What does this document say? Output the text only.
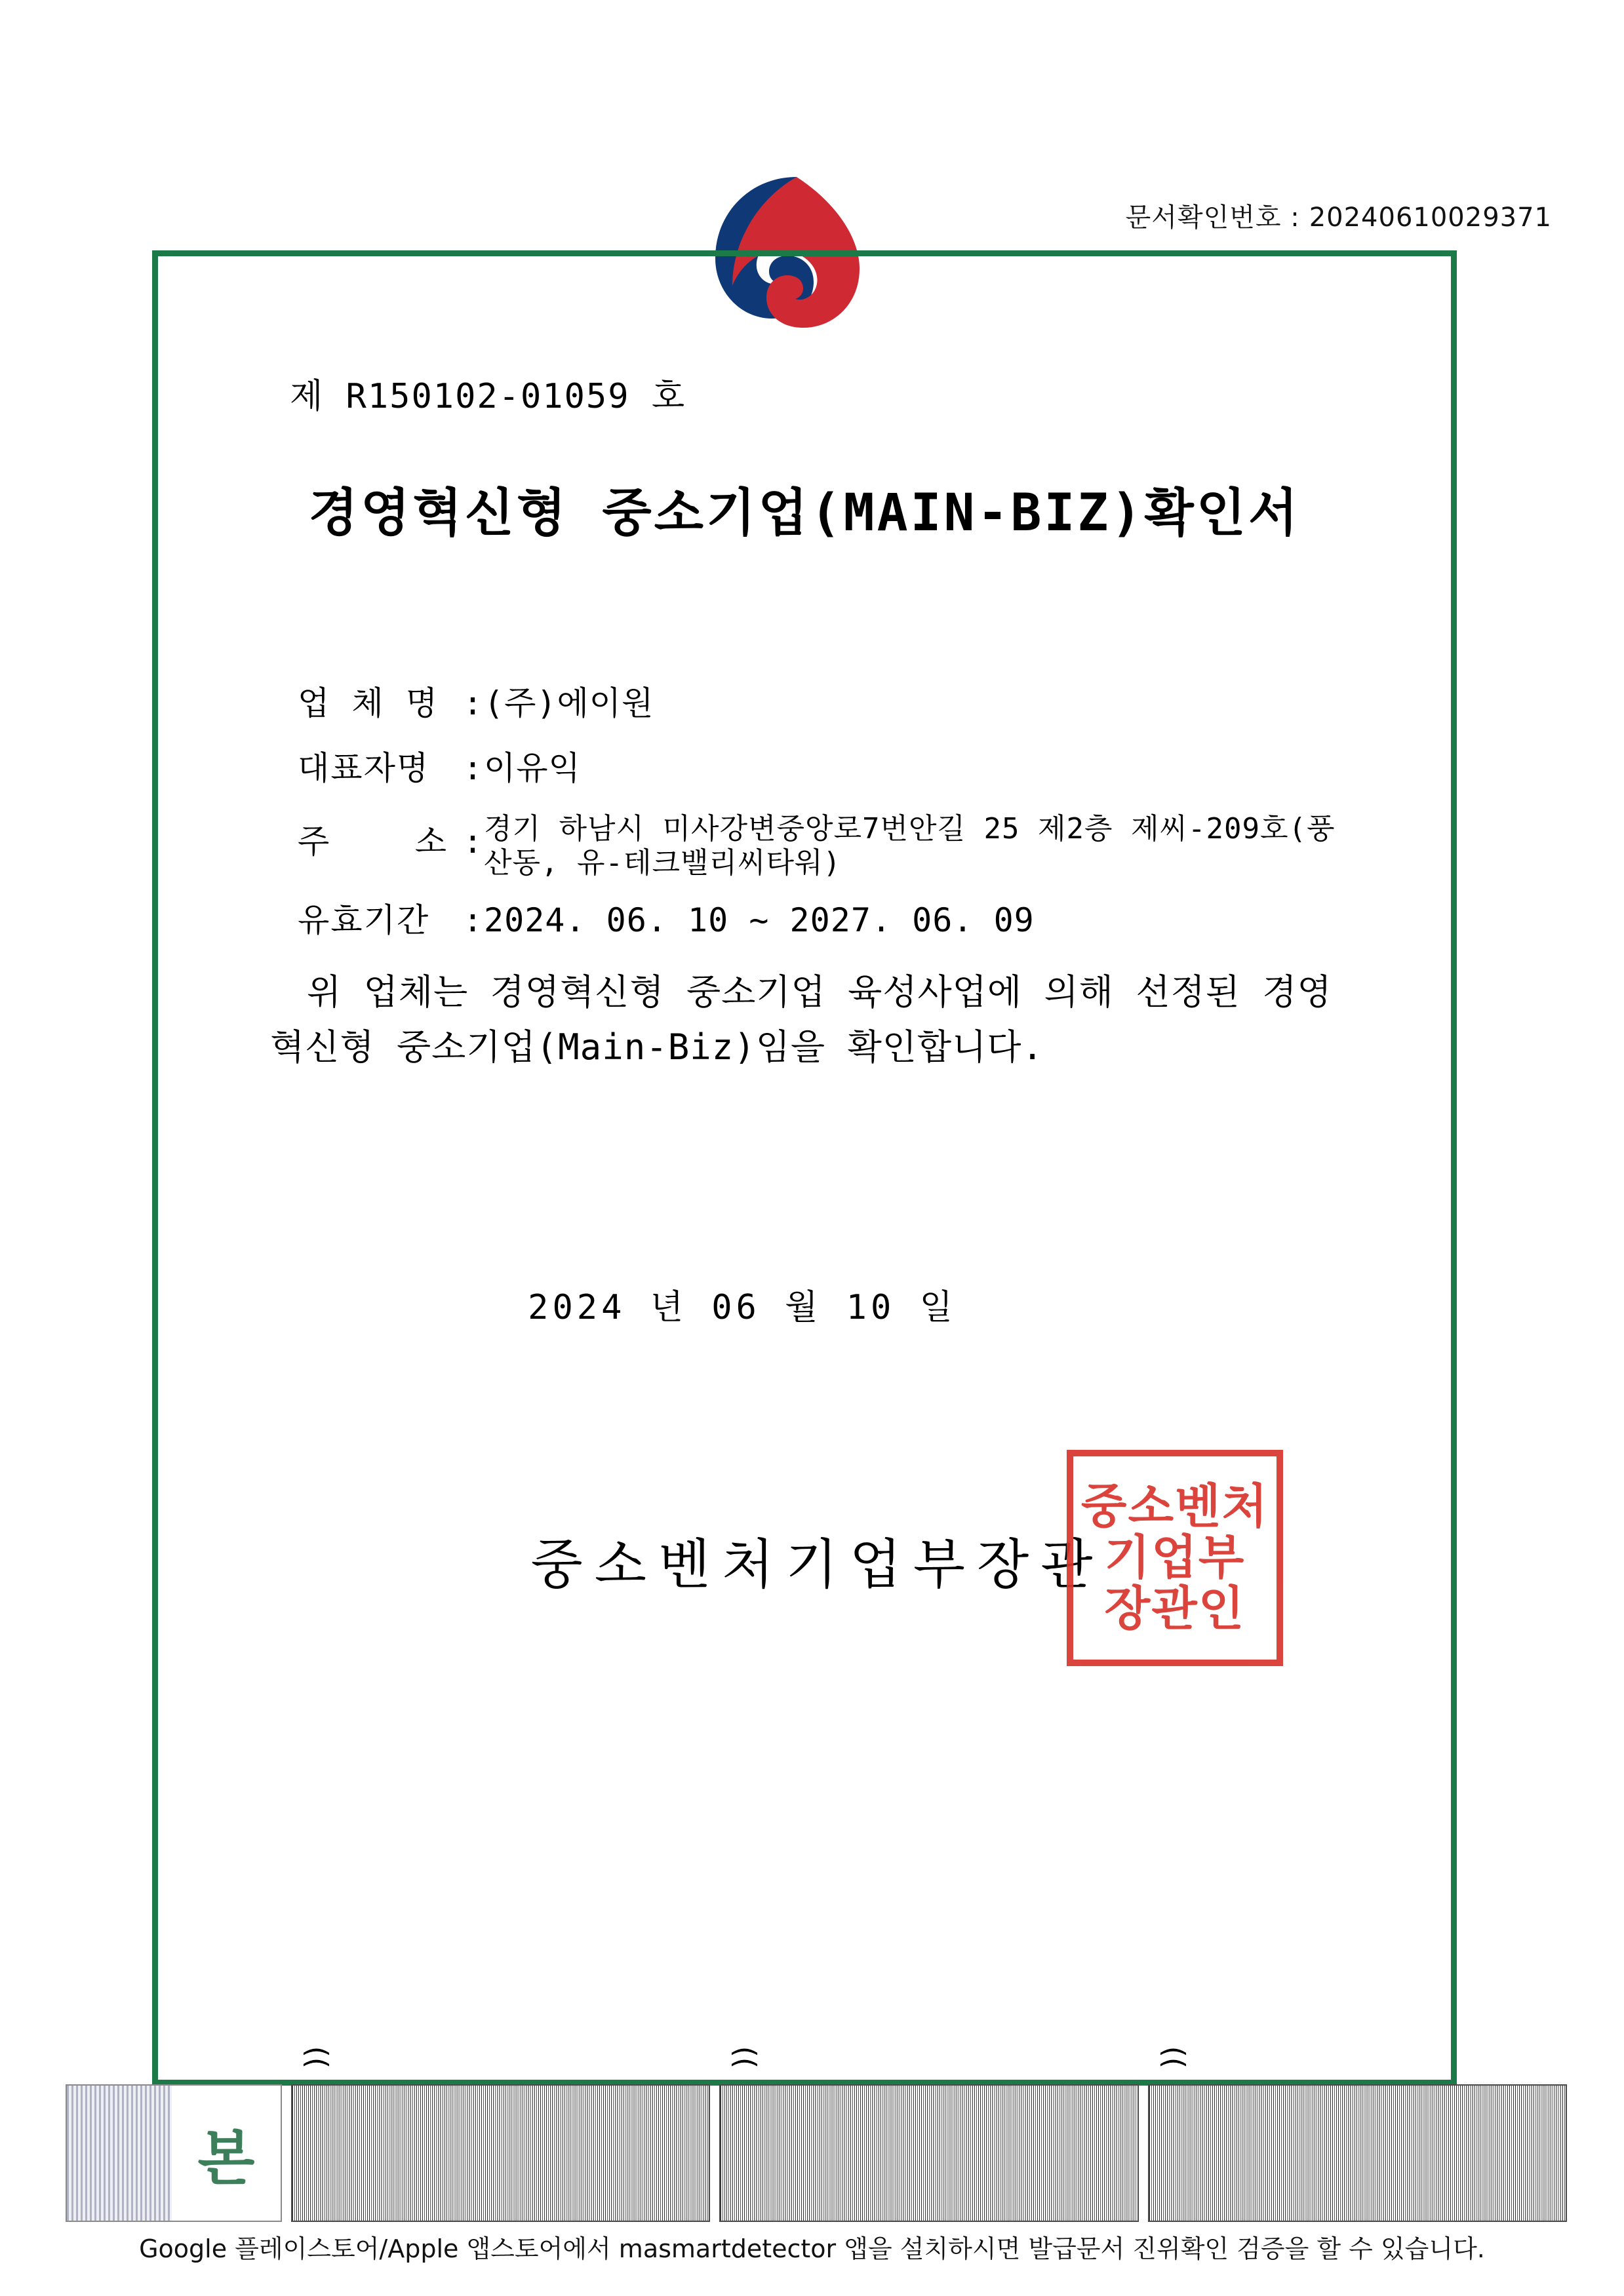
문서확인번호 : 20240610029371
제 R150102-01059 호
경영혁신형 중소기업(MAIN-BIZ)확인서
업 체 명 : (주)에이원
대표자명	: 이유익
주    소 : 경기 하남시 미사강변중앙로7번안길 25 제2층 제씨-209호(풍산동, 유-테크밸리씨타워)
유효기간	: 2024. 06. 10 ~ 2027. 06. 09
위 업체는 경영혁신형 중소기업 육성사업에 의해 선정된 경영혁신형 중소기업(Main-Biz)임을 확인합니다.
2024 년 06 월 10 일
중소벤처기업부장관
중소벤처
기업부
장관인
본
))	))	))
Google 플레이스토어/Apple 앱스토어에서 masmartdetector 앱을 설치하시면 발급문서 진위확인 검증을 할 수 있습니다.
